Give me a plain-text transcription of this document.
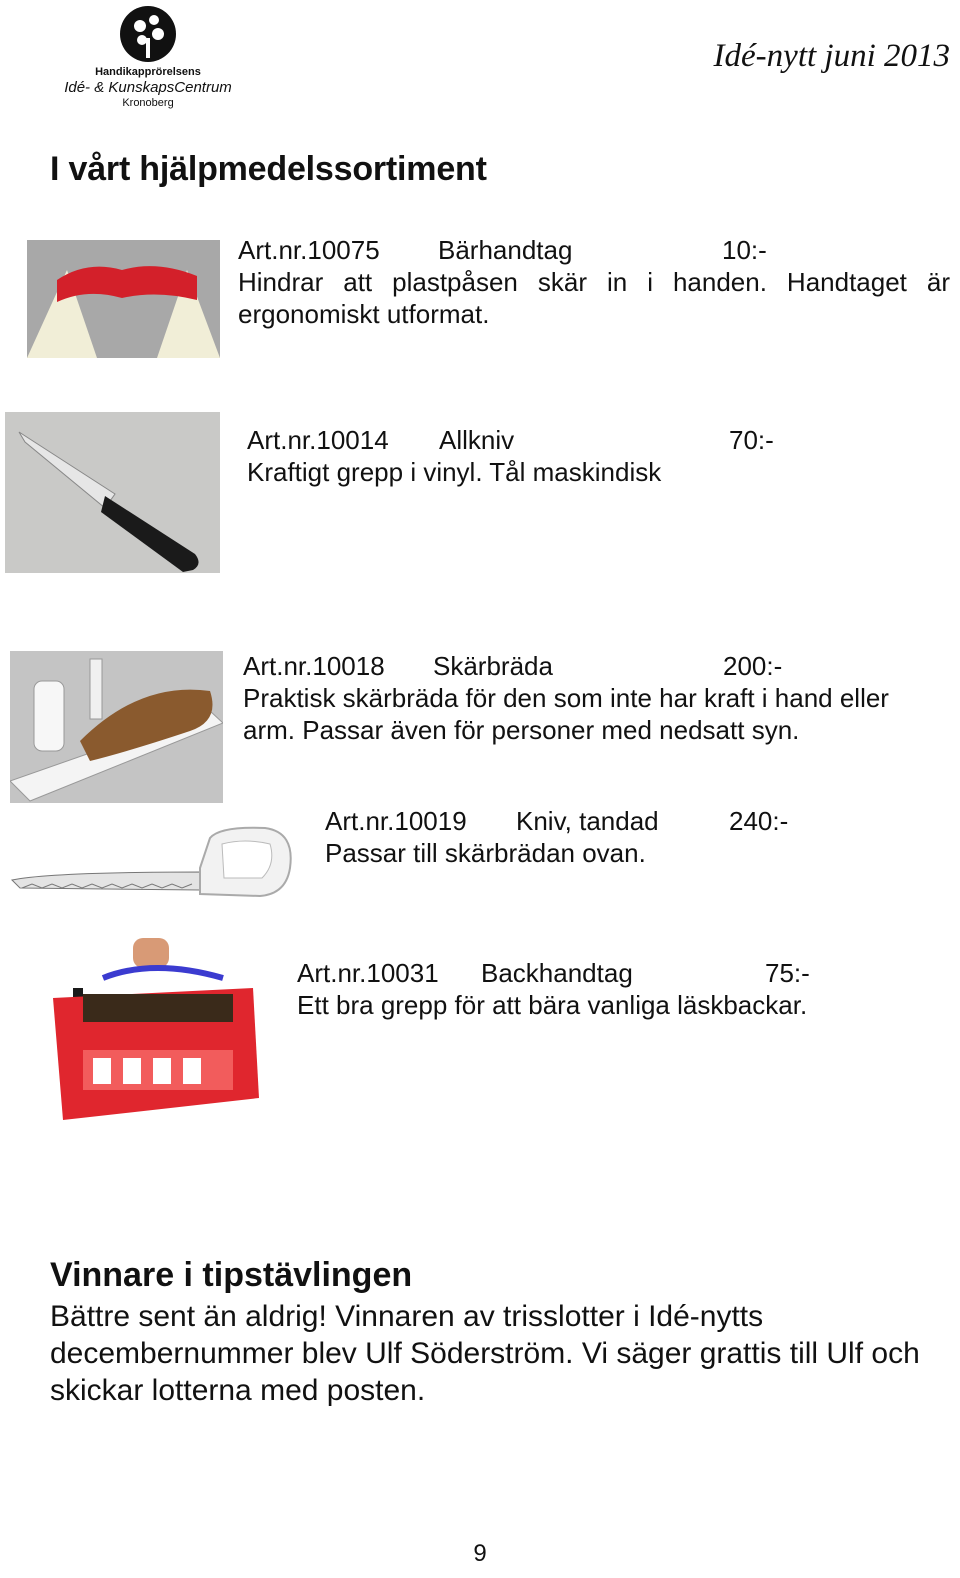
Handikapprörelsens
Idé- & KunskapsCentrum
Kronoberg
Idé-nytt juni 2013
I vårt hjälpmedelssortiment
Art.nr.10075 Bärhandtag	10:-
Hindrar att plastpåsen skär in i handen. Handtaget är ergonomiskt utformat.
Art.nr.10014 Allkniv	70:-
Kraftigt grepp i vinyl. Tål maskindisk
Art.nr.10018 Skärbräda	200:-
Praktisk skärbräda för den som inte har kraft i hand eller arm. Passar även för personer med nedsatt syn.
Art.nr.10019 Kniv, tandad	240:-
Passar till skärbrädan ovan.
Art.nr.10031 Backhandtag	75:-
Ett bra grepp för att bära vanliga läskbackar.
Vinnare i tipstävlingen
Bättre sent än aldrig! Vinnaren av trisslotter i Idé-nytts decembernummer blev Ulf Söderström. Vi säger grattis till Ulf och skickar lotterna med posten.
9
